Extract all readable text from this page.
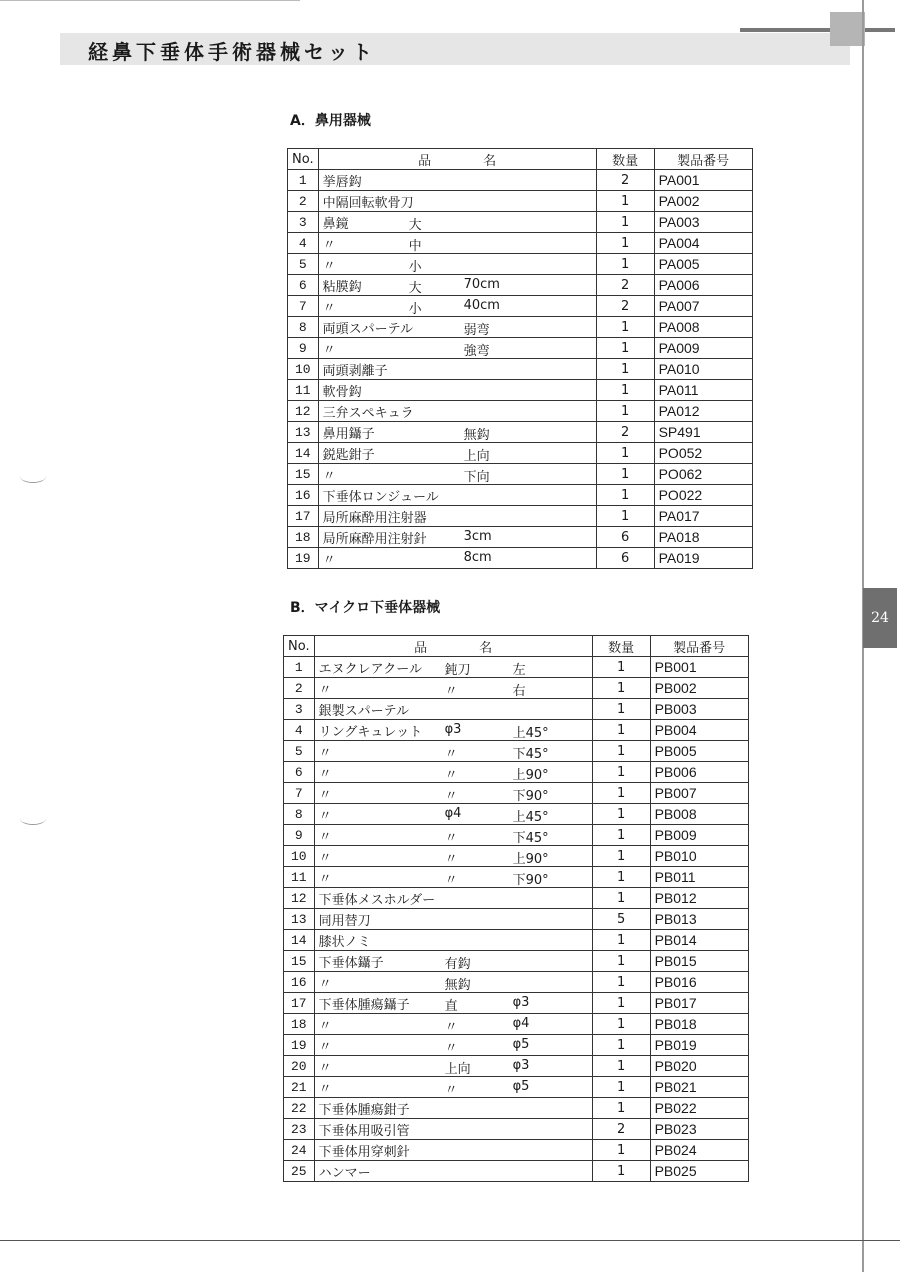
経鼻下垂体手術器械セット
24
A．鼻用器械
No.	品　　　　名	数量	製品番号
1	挙唇鈎	2	PA001
2	中隔回転軟骨刀	1	PA002
3	鼻鏡 大	1	PA003
4	〃 中	1	PA004
5	〃 小	1	PA005
6	粘膜鈎 大 70cm	2	PA006
7	〃 小 40cm	2	PA007
8	両頭スパーテル 弱弯	1	PA008
9	〃 強弯	1	PA009
10	両頭剥離子	1	PA010
11	軟骨鈎	1	PA011
12	三弁スペキュラ	1	PA012
13	鼻用鑷子 無鈎	2	SP491
14	鋭匙鉗子 上向	1	PO052
15	〃 下向	1	PO062
16	下垂体ロンジュール	1	PO022
17	局所麻酔用注射器	1	PA017
18	局所麻酔用注射針 3cm	6	PA018
19	〃 8cm	6	PA019
B．マイクロ下垂体器械
No.	品　　　　名	数量	製品番号
1	エヌクレアクール 鈍刀 左	1	PB001
2	〃 〃 右	1	PB002
3	銀製スパーテル	1	PB003
4	リングキュレット φ3 上45°	1	PB004
5	〃 〃 下45°	1	PB005
6	〃 〃 上90°	1	PB006
7	〃 〃 下90°	1	PB007
8	〃 φ4 上45°	1	PB008
9	〃 〃 下45°	1	PB009
10	〃 〃 上90°	1	PB010
11	〃 〃 下90°	1	PB011
12	下垂体メスホルダー	1	PB012
13	同用替刀	5	PB013
14	膝状ノミ	1	PB014
15	下垂体鑷子 有鈎	1	PB015
16	〃 無鈎	1	PB016
17	下垂体腫瘍鑷子 直 φ3	1	PB017
18	〃 〃 φ4	1	PB018
19	〃 〃 φ5	1	PB019
20	〃 上向 φ3	1	PB020
21	〃 〃 φ5	1	PB021
22	下垂体腫瘍鉗子	1	PB022
23	下垂体用吸引管	2	PB023
24	下垂体用穿刺針	1	PB024
25	ハンマー	1	PB025
